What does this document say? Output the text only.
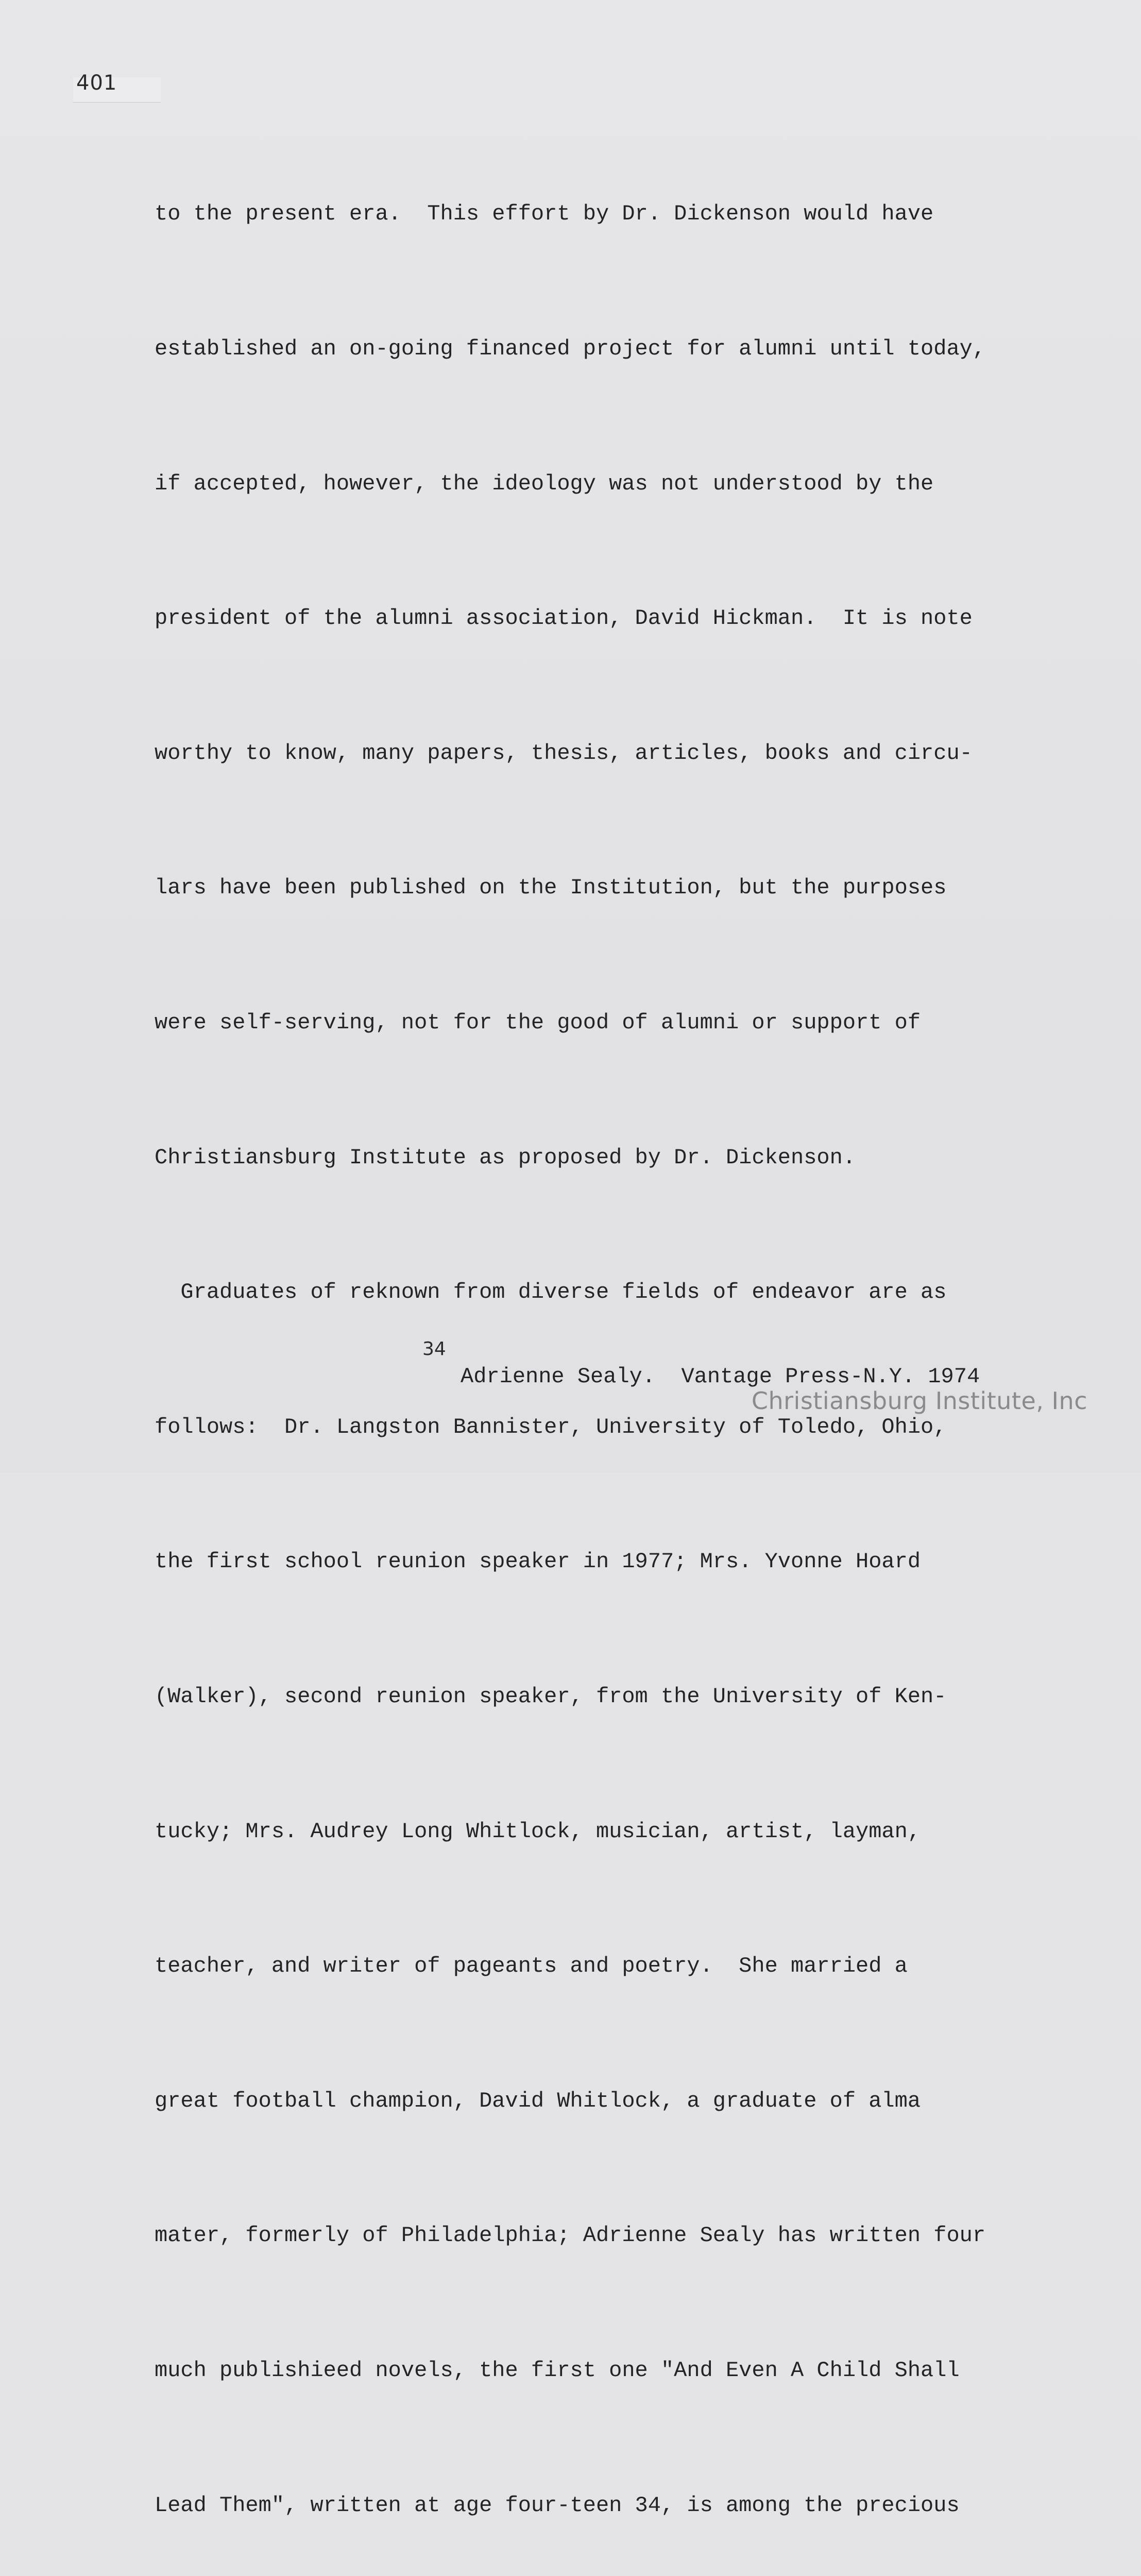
401

to the present era.  This effort by Dr. Dickenson would have

established an on-going financed project for alumni until today,

if accepted, however, the ideology was not understood by the

president of the alumni association, David Hickman.  It is note

worthy to know, many papers, thesis, articles, books and circu-

lars have been published on the Institution, but the purposes

were self-serving, not for the good of alumni or support of

Christiansburg Institute as proposed by Dr. Dickenson.

Graduates of reknown from diverse fields of endeavor are as

follows:  Dr. Langston Bannister, University of Toledo, Ohio,

the first school reunion speaker in 1977; Mrs. Yvonne Hoard

(Walker), second reunion speaker, from the University of Ken-

tucky; Mrs. Audrey Long Whitlock, musician, artist, layman,

teacher, and writer of pageants and poetry.  She married a

great football champion, David Whitlock, a graduate of alma

mater, formerly of Philadelphia; Adrienne Sealy has written four

much publishieed novels, the first one "And Even A Child Shall

Lead Them", written at age four-teen 34, is among the precious

34
Adrienne Sealy.  Vantage Press-N.Y. 1974
Christiansburg Institute, Inc
